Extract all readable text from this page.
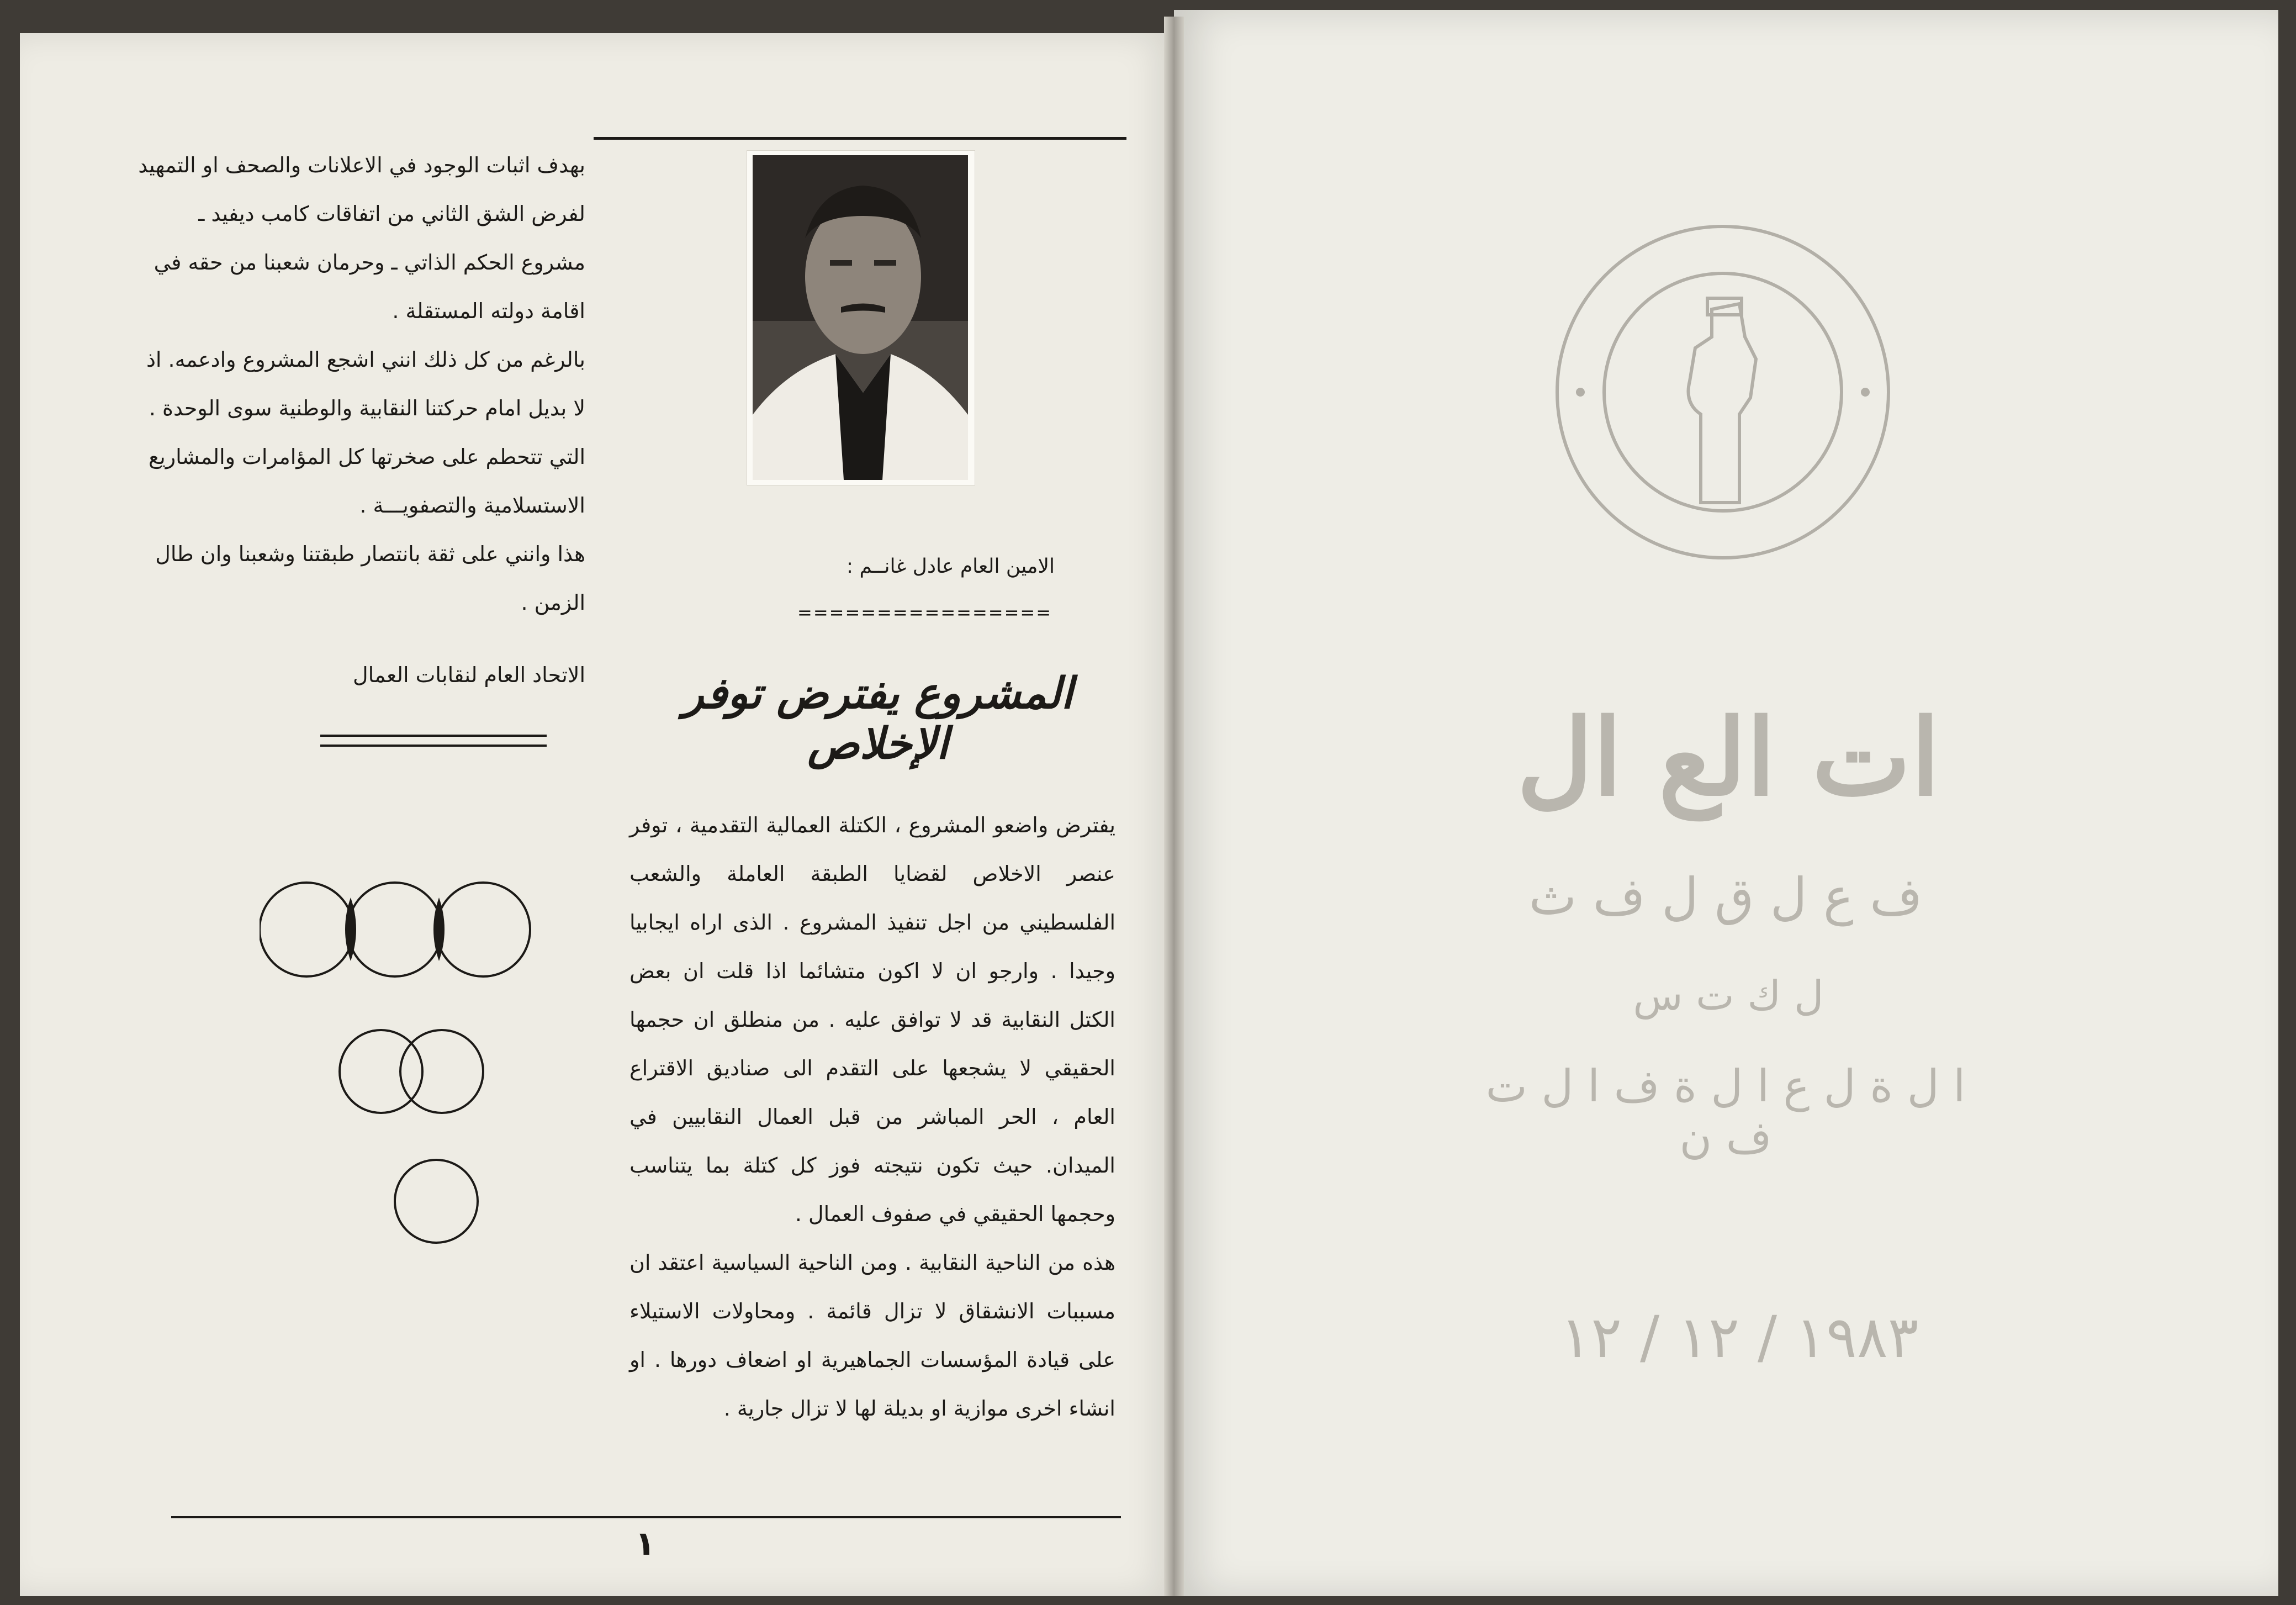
بهدف اثبات الوجود في الاعلانات والصحف او التمهيد لفرض الشق الثاني من اتفاقات كامب ديفيد ـ مشروع الحكم الذاتي ـ وحرمان شعبنا من حقه في اقامة دولته المستقلة .

بالرغم من كل ذلك انني اشجع المشروع وادعمه. اذ لا بديل امام حركتنا النقابية والوطنية سوى الوحدة . التي تتحطم على صخرتها كل المؤامرات والمشاريع الاستسلامية والتصفويـــة .

هذا وانني على ثقة بانتصار طبقتنا وشعبنا وان طال الزمن .

الاتحاد العام لنقابات العمال
الامين العام عادل غانــم :
================
المشروع يفترض توفر الإخلاص

يفترض واضعو المشروع ، الكتلة العمالية التقدمية ، توفر عنصر الاخلاص لقضايا الطبقة العاملة والشعب الفلسطيني من اجل تنفيذ المشروع . الذى اراه ايجابيا وجيدا . وارجو ان لا اكون متشائما اذا قلت ان بعض الكتل النقابية قد لا توافق عليه . من منطلق ان حجمها الحقيقي لا يشجعها على التقدم الى صناديق الاقتراع العام ، الحر المباشر من قبل العمال النقابيين في الميدان. حيث تكون نتيجته فوز كل كتلة بما يتناسب وحجمها الحقيقي في صفوف العمال .

هذه من الناحية النقابية . ومن الناحية السياسية اعتقد ان مسببات الانشقاق لا تزال قائمة . ومحاولات الاستيلاء على قيادة المؤسسات الجماهيرية او اضعاف دورها . او انشاء اخرى موازية او بديلة لها لا تزال جارية .

١
ات الع ال
ف ع ل ق ل ف ث
ل ك ت س
ا ل ة ل ع ا ل ة ف ا ل ت ف ن
١٩٨٣ / ١٢ / ١٢
